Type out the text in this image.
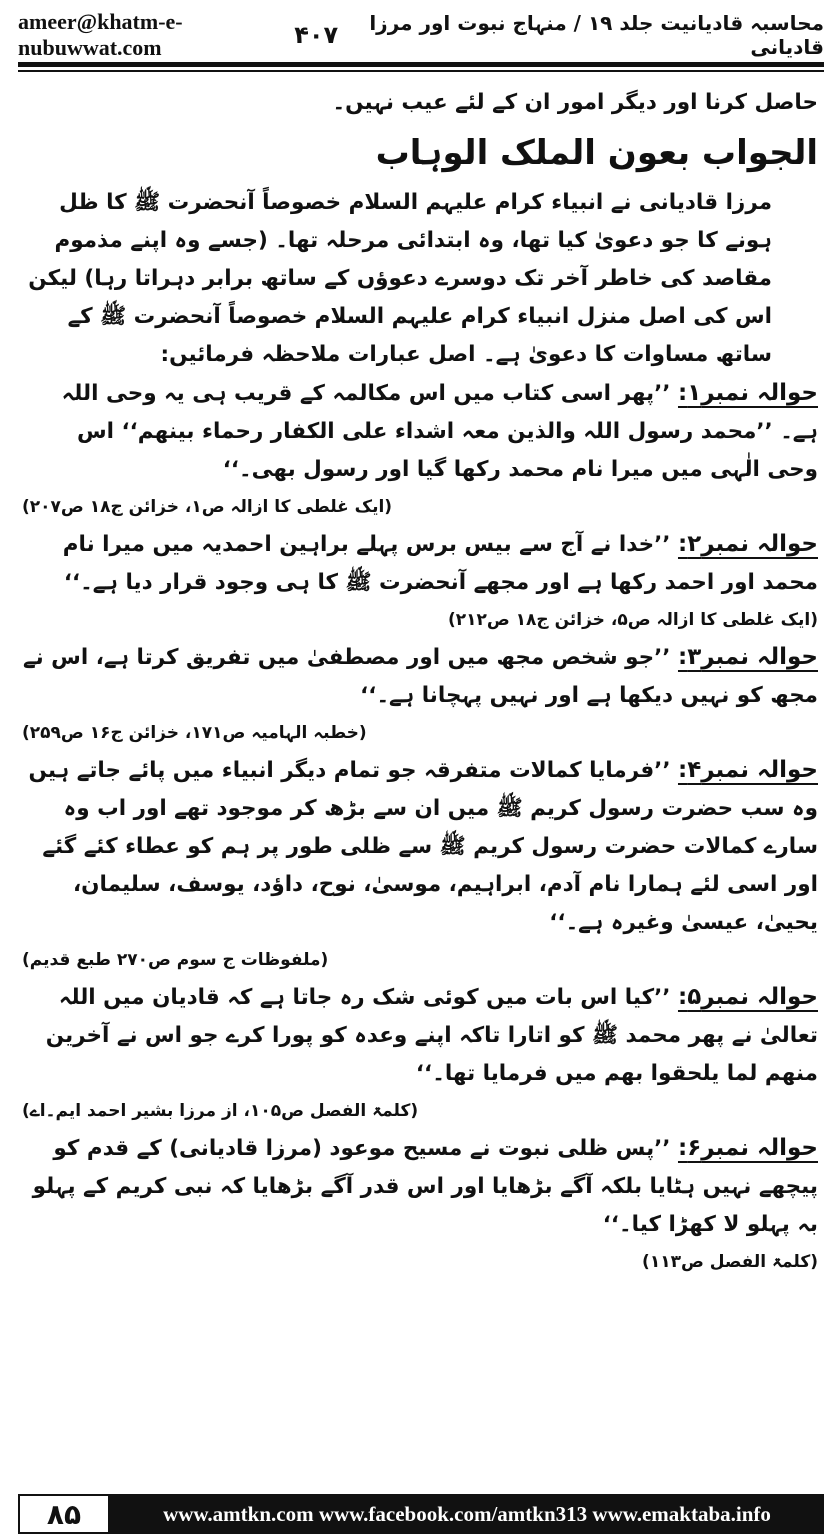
ameer@khatm-e-nubuwwat.com
محاسبہ قادیانیت جلد ۱۹ / منہاج نبوت اور مرزا قادیانی
۴۰۷

حاصل کرنا اور دیگر امور ان کے لئے عیب نہیں۔

الجواب بعون الملک الوہاب

مرزا قادیانی نے انبیاء کرام علیہم السلام خصوصاً آنحضرت ﷺ کا ظل ہونے کا جو دعویٰ کیا تھا، وہ ابتدائی مرحلہ تھا۔ (جسے وہ اپنے مذموم مقاصد کی خاطر آخر تک دوسرے دعوؤں کے ساتھ برابر دہراتا رہا) لیکن اس کی اصل منزل انبیاء کرام علیہم السلام خصوصاً آنحضرت ﷺ کے ساتھ مساوات کا دعویٰ ہے۔ اصل عبارات ملاحظہ فرمائیں:

حوالہ نمبر۱: ’’پھر اسی کتاب میں اس مکالمہ کے قریب ہی یہ وحی اللہ ہے۔ ’’محمد رسول اللہ والذین معہ اشداء علی الکفار رحماء بینھم‘‘ اس وحی الٰہی میں میرا نام محمد رکھا گیا اور رسول بھی۔‘‘

(ایک غلطی کا ازالہ ص۱، خزائن ج۱۸ ص۲۰۷)

حوالہ نمبر۲: ’’خدا نے آج سے بیس برس پہلے براہین احمدیہ میں میرا نام محمد اور احمد رکھا ہے اور مجھے آنحضرت ﷺ کا ہی وجود قرار دیا ہے۔‘‘

(ایک غلطی کا ازالہ ص۵، خزائن ج۱۸ ص۲۱۲)

حوالہ نمبر۳: ’’جو شخص مجھ میں اور مصطفیٰ میں تفریق کرتا ہے، اس نے مجھ کو نہیں دیکھا ہے اور نہیں پہچانا ہے۔‘‘

(خطبہ الہامیہ ص۱۷۱، خزائن ج۱۶ ص۲۵۹)

حوالہ نمبر۴: ’’فرمایا کمالات متفرقہ جو تمام دیگر انبیاء میں پائے جاتے ہیں وہ سب حضرت رسول کریم ﷺ میں ان سے بڑھ کر موجود تھے اور اب وہ سارے کمالات حضرت رسول کریم ﷺ سے ظلی طور پر ہم کو عطاء کئے گئے اور اسی لئے ہمارا نام آدم، ابراہیم، موسیٰ، نوح، داؤد، یوسف، سلیمان، یحییٰ، عیسیٰ وغیرہ ہے۔‘‘

(ملفوظات ج سوم ص۲۷۰ طبع قدیم)

حوالہ نمبر۵: ’’کیا اس بات میں کوئی شک رہ جاتا ہے کہ قادیان میں اللہ تعالیٰ نے پھر محمد ﷺ کو اتارا تاکہ اپنے وعدہ کو پورا کرے جو اس نے آخرین منھم لما یلحقوا بھم میں فرمایا تھا۔‘‘

(کلمۃ الفصل ص۱۰۵، از مرزا بشیر احمد ایم۔اے)

حوالہ نمبر۶: ’’پس ظلی نبوت نے مسیح موعود (مرزا قادیانی) کے قدم کو پیچھے نہیں ہٹایا بلکہ آگے بڑھایا اور اس قدر آگے بڑھایا کہ نبی کریم کے پہلو بہ پہلو لا کھڑا کیا۔‘‘

(کلمۃ الفصل ص۱۱۳)
۸۵	www.amtkn.com www.facebook.com/amtkn313 www.emaktaba.info
